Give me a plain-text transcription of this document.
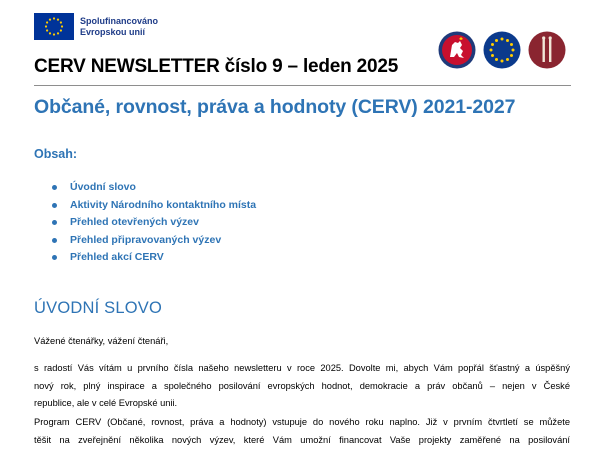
Spolufinancováno
Evropskou unií
CERV NEWSLETTER číslo 9 – leden 2025
Občané, rovnost, práva a hodnoty (CERV) 2021-2027
Obsah:
Úvodní slovo
Aktivity Národního kontaktního místa
Přehled otevřených výzev
Přehled připravovaných výzev
Přehled akcí CERV
ÚVODNÍ SLOVO

Vážené čtenářky, vážení čtenáři,

s radostí Vás vítám u prvního čísla našeho newsletteru v roce 2025. Dovolte mi, abych Vám popřál šťastný a úspěšný
nový rok, plný inspirace a společného posilování evropských hodnot, demokracie a práv občanů – nejen v České
republice, ale v celé Evropské unii.

Program CERV (Občané, rovnost, práva a hodnoty) vstupuje do nového roku naplno. Již v prvním čtvrtletí se můžete
těšit na zveřejnění několika nových výzev, které Vám umožní financovat Vaše projekty zaměřené na posilování
